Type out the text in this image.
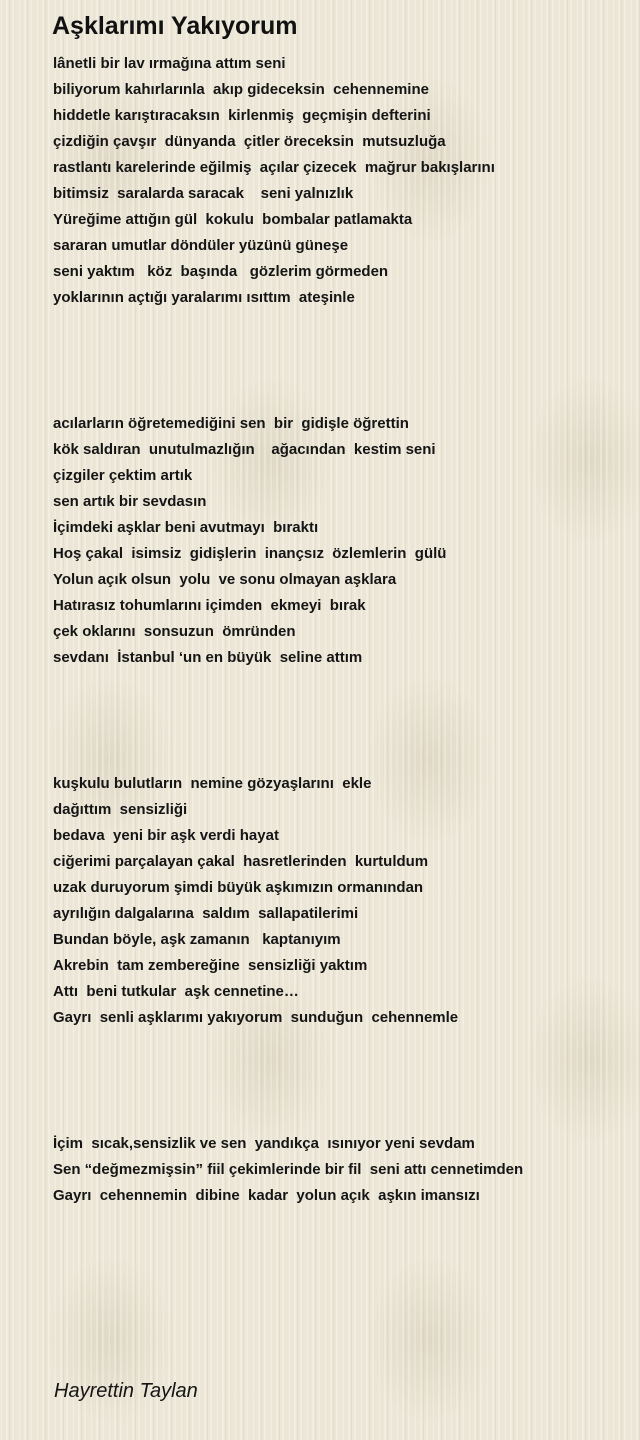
Aşklarımı Yakıyorum
lânetli bir lav ırmağına attım seni
biliyorum kahırlarınla  akıp gideceksin  cehennemine
hiddetle karıştıracaksın  kirlenmiş  geçmişin defterini
çizdiğin çavşır  dünyanda  çitler öreceksin  mutsuzluğa
rastlantı karelerinde eğilmiş  açılar çizecek  mağrur bakışlarını
bitimsiz  saralarda saracak    seni yalnızlık
Yüreğime attığın gül  kokulu  bombalar patlamakta
sararan umutlar döndüler yüzünü güneşe
seni yaktım   köz  başında   gözlerim görmeden
yoklarının açtığı yaralarımı ısıttım  ateşinle
acılarların öğretemediğini sen  bir  gidişle öğrettin
kök saldıran  unutulmazlığın    ağacından  kestim seni
çizgiler çektim artık
sen artık bir sevdasın
İçimdeki aşklar beni avutmayı  bıraktı
Hoş çakal  isimsiz  gidişlerin  inançsız  özlemlerin  gülü
Yolun açık olsun  yolu  ve sonu olmayan aşklara
Hatırasız tohumlarını içimden  ekmeyi  bırak
çek oklarını  sonsuzun  ömründen
sevdanı  İstanbul ‘un en büyük  seline attım
kuşkulu bulutların  nemine gözyaşlarını  ekle
dağıttım  sensizliği
bedava  yeni bir aşk verdi hayat
ciğerimi parçalayan çakal  hasretlerinden  kurtuldum
uzak duruyorum şimdi büyük aşkımızın ormanından
ayrılığın dalgalarına  saldım  sallapatilerimi
Bundan böyle, aşk zamanın   kaptanıyım
Akrebin  tam zembereğine  sensizliği yaktım
Attı  beni tutkular  aşk cennetine…
Gayrı  senli aşklarımı yakıyorum  sunduğun  cehennemle
İçim  sıcak,sensizlik ve sen  yandıkça  ısınıyor yeni sevdam
Sen “değmezmişsin” fiil çekimlerinde bir fil  seni attı cennetimden
Gayrı  cehennemin  dibine  kadar  yolun açık  aşkın imansızı

Hayrettin Taylan
